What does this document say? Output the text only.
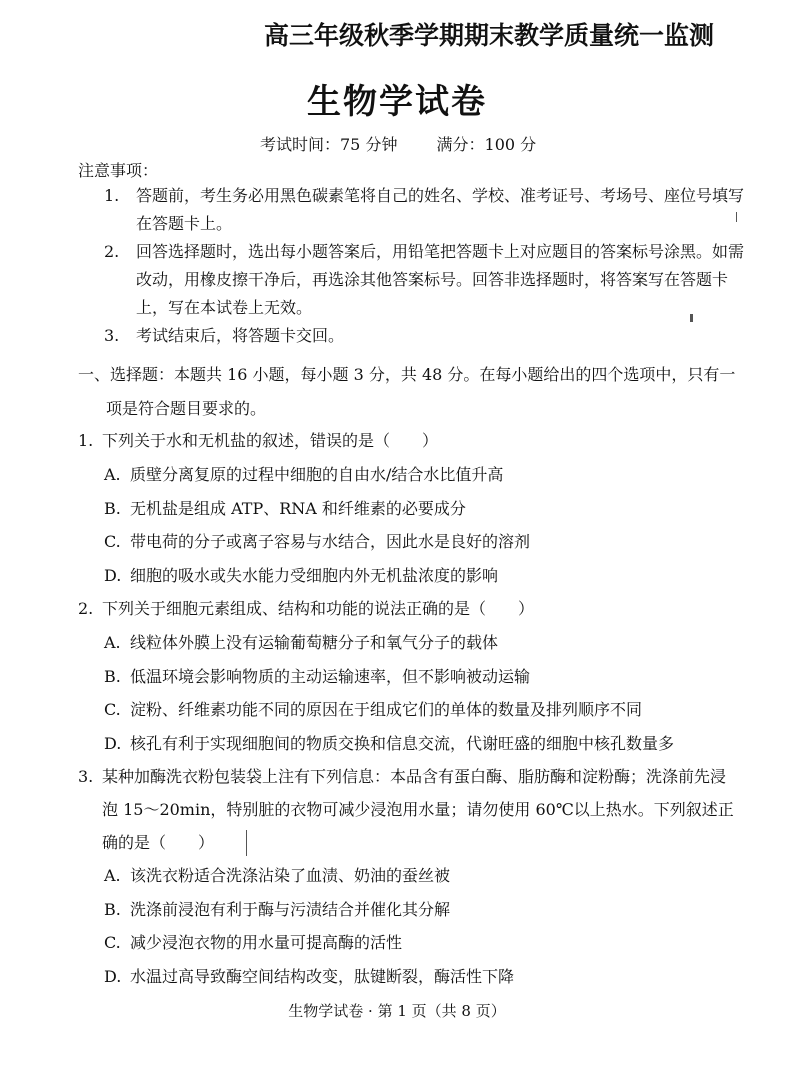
高三年级秋季学期期末教学质量统一监测
生物学试卷
考试时间：75 分钟 满分：100 分
注意事项：
1.	答题前，考生务必用黑色碳素笔将自己的姓名、学校、准考证号、考场号、座位号填写在答题卡上。
2.	回答选择题时，选出每小题答案后，用铅笔把答题卡上对应题目的答案标号涂黑。如需改动，用橡皮擦干净后，再选涂其他答案标号。回答非选择题时，将答案写在答题卡上，写在本试卷上无效。
3.	考试结束后，将答题卡交回。
一、选择题：本题共 16 小题，每小题 3 分，共 48 分。在每小题给出的四个选项中，只有一
项是符合题目要求的。
1. 下列关于水和无机盐的叙述，错误的是（　　）
A. 质壁分离复原的过程中细胞的自由水/结合水比值升高
B. 无机盐是组成 ATP、RNA 和纤维素的必要成分
C. 带电荷的分子或离子容易与水结合，因此水是良好的溶剂
D. 细胞的吸水或失水能力受细胞内外无机盐浓度的影响
2. 下列关于细胞元素组成、结构和功能的说法正确的是（　　）
A. 线粒体外膜上没有运输葡萄糖分子和氧气分子的载体
B. 低温环境会影响物质的主动运输速率，但不影响被动运输
C. 淀粉、纤维素功能不同的原因在于组成它们的单体的数量及排列顺序不同
D. 核孔有利于实现细胞间的物质交换和信息交流，代谢旺盛的细胞中核孔数量多
3. 某种加酶洗衣粉包装袋上注有下列信息：本品含有蛋白酶、脂肪酶和淀粉酶；洗涤前先浸泡 15～20min，特别脏的衣物可减少浸泡用水量；请勿使用 60℃以上热水。下列叙述正确的是（　　）
A. 该洗衣粉适合洗涤沾染了血渍、奶油的蚕丝被
B. 洗涤前浸泡有利于酶与污渍结合并催化其分解
C. 减少浸泡衣物的用水量可提高酶的活性
D. 水温过高导致酶空间结构改变，肽键断裂，酶活性下降
生物学试卷 · 第 1 页（共 8 页）
